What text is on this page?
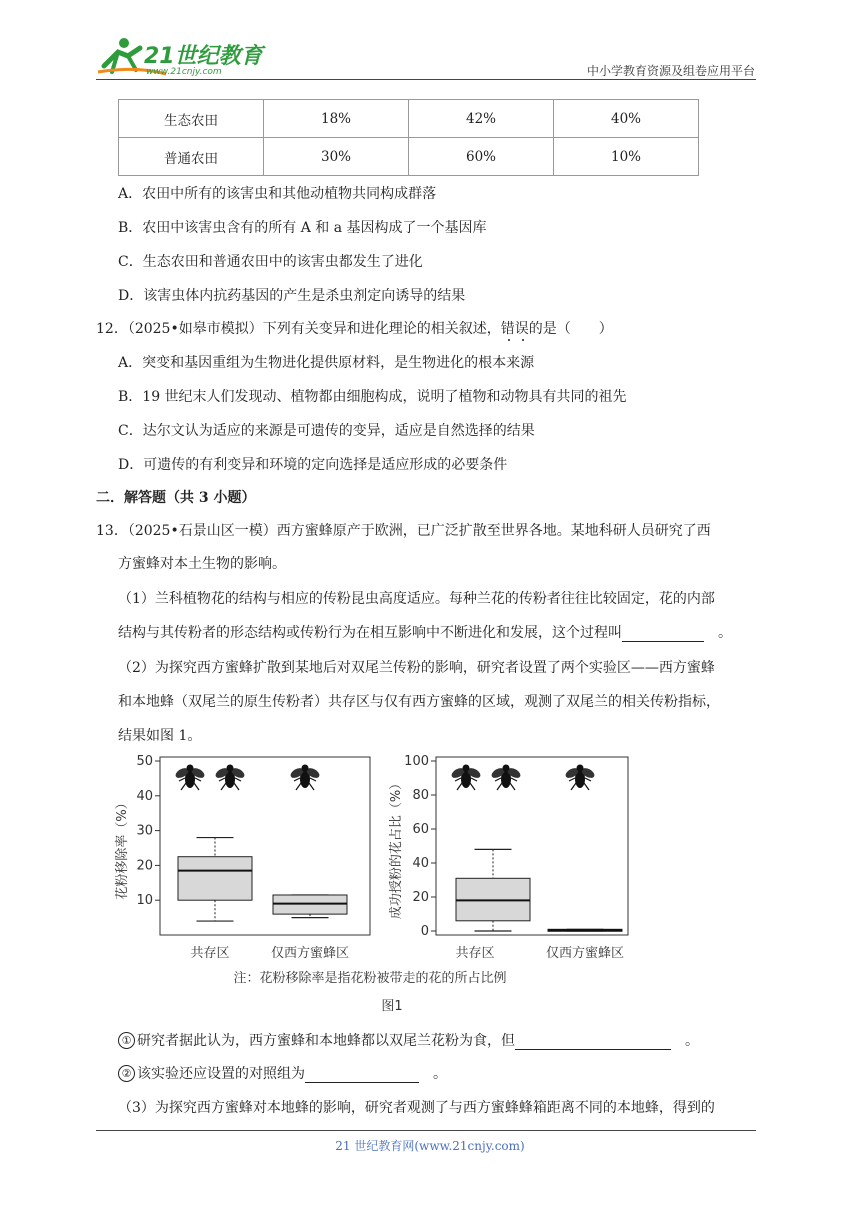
21世纪教育
www.21cnjy.com	中小学教育资源及组卷应用平台
生态农田	18%	42%	40%
普通农田	30%	60%	10%
A．农田中所有的该害虫和其他动植物共同构成群落
B．农田中该害虫含有的所有 A 和 a 基因构成了一个基因库
C．生态农田和普通农田中的该害虫都发生了进化
D．该害虫体内抗药基因的产生是杀虫剂定向诱导的结果
12．（2025•如皋市模拟）下列有关变异和进化理论的相关叙述，错误的是（　　）
A．突变和基因重组为生物进化提供原材料，是生物进化的根本来源
B．19 世纪末人们发现动、植物都由细胞构成，说明了植物和动物具有共同的祖先
C．达尔文认为适应的来源是可遗传的变异，适应是自然选择的结果
D．可遗传的有利变异和环境的定向选择是适应形成的必要条件
二．解答题（共 3 小题）
13．（2025•石景山区一模）西方蜜蜂原产于欧洲，已广泛扩散至世界各地。某地科研人员研究了西
方蜜蜂对本土生物的影响。
（1）兰科植物花的结构与相应的传粉昆虫高度适应。每种兰花的传粉者往往比较固定，花的内部
结构与其传粉者的形态结构或传粉行为在相互影响中不断进化和发展，这个过程叫　	。
（2）为探究西方蜜蜂扩散到某地后对双尾兰传粉的影响，研究者设置了两个实验区——西方蜜蜂
和本地蜂（双尾兰的原生传粉者）共存区与仅有西方蜜蜂的区域，观测了双尾兰的相关传粉指标，
结果如图 1。
10
20
30
40
50
花粉移除率（%）
共存区	仅西方蜜蜂区
0
20
40
60
80
100
成功授粉的花占比（%）
共存区	仅西方蜜蜂区
注：花粉移除率是指花粉被带走的花的所占比例
图1
① 研究者据此认为，西方蜜蜂和本地蜂都以双尾兰花粉为食，但　	。
② 该实验还应设置的对照组为　	。
（3）为探究西方蜜蜂对本地蜂的影响，研究者观测了与西方蜜蜂蜂箱距离不同的本地蜂，得到的
21 世纪教育网(www.21cnjy.com)
